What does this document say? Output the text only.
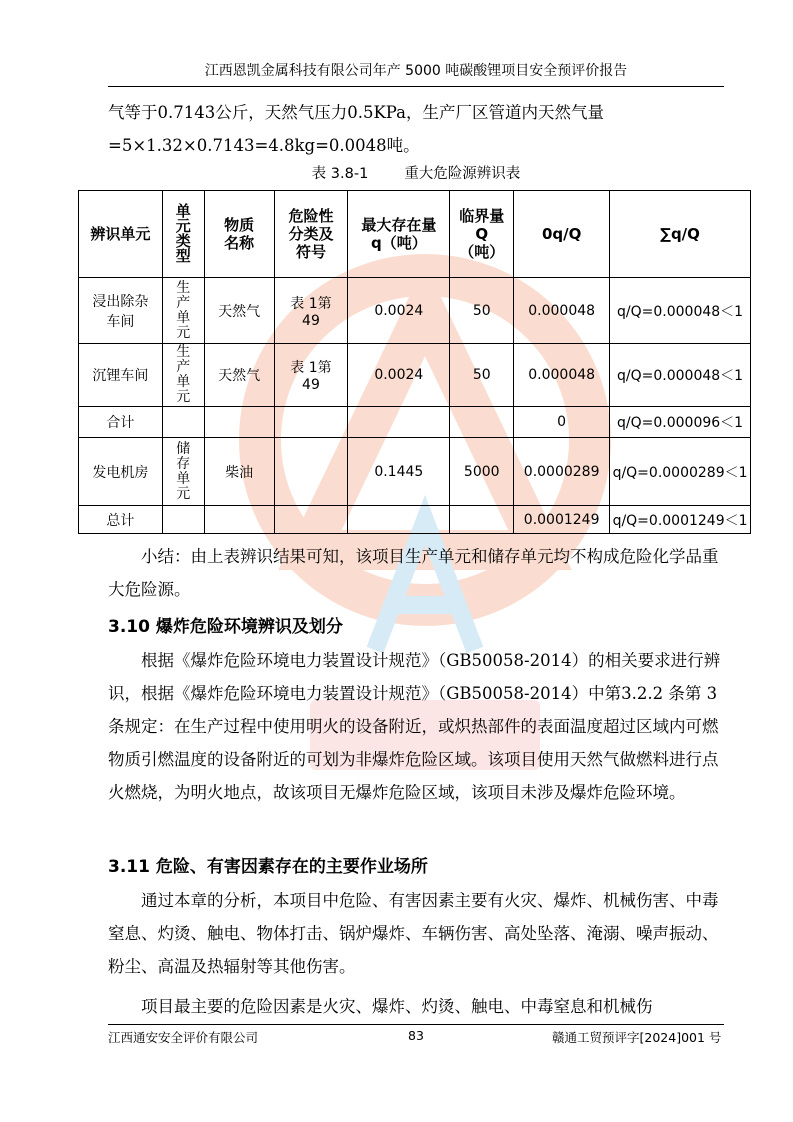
江西恩凯金属科技有限公司年产 5000 吨碳酸锂项目安全预评价报告
气等于0.7143公斤，天然气压力0.5KPa，生产厂区管道内天然气量=5×1.32×0.7143=4.8kg=0.0048吨。
表 3.8-1 重大危险源辨识表
辨识单元	单元类型	物质名称	危险性分类及符号	最大存在量q（吨）	临界量Q（吨）	0q/Q	∑q/Q
浸出除杂车间	生产单元	天然气	表 1第49	0.0024	50	0.000048	q/Q=0.000048＜1
沉锂车间	生产单元	天然气	表 1第49	0.0024	50	0.000048	q/Q=0.000048＜1
合计						0	q/Q=0.000096＜1
发电机房	储存单元	柴油		0.1445	5000	0.0000289	q/Q=0.0000289＜1
总计						0.0001249	q/Q=0.0001249＜1
小结：由上表辨识结果可知，该项目生产单元和储存单元均不构成危险化学品重大危险源。
3.10 爆炸危险环境辨识及划分
根据《爆炸危险环境电力装置设计规范》（GB50058-2014）的相关要求进行辨识，根据《爆炸危险环境电力装置设计规范》（GB50058-2014）中第3.2.2 条第 3 条规定：在生产过程中使用明火的设备附近，或炽热部件的表面温度超过区域内可燃物质引燃温度的设备附近的可划为非爆炸危险区域。该项目使用天然气做燃料进行点火燃烧，为明火地点，故该项目无爆炸危险区域，该项目未涉及爆炸危险环境。
3.11 危险、有害因素存在的主要作业场所
通过本章的分析，本项目中危险、有害因素主要有火灾、爆炸、机械伤害、中毒窒息、灼烫、触电、物体打击、锅炉爆炸、车辆伤害、高处坠落、淹溺、噪声振动、粉尘、高温及热辐射等其他伤害。
项目最主要的危险因素是火灾、爆炸、灼烫、触电、中毒窒息和机械伤
江西通安安全评价有限公司	83	赣通工贸预评字[2024]001 号
